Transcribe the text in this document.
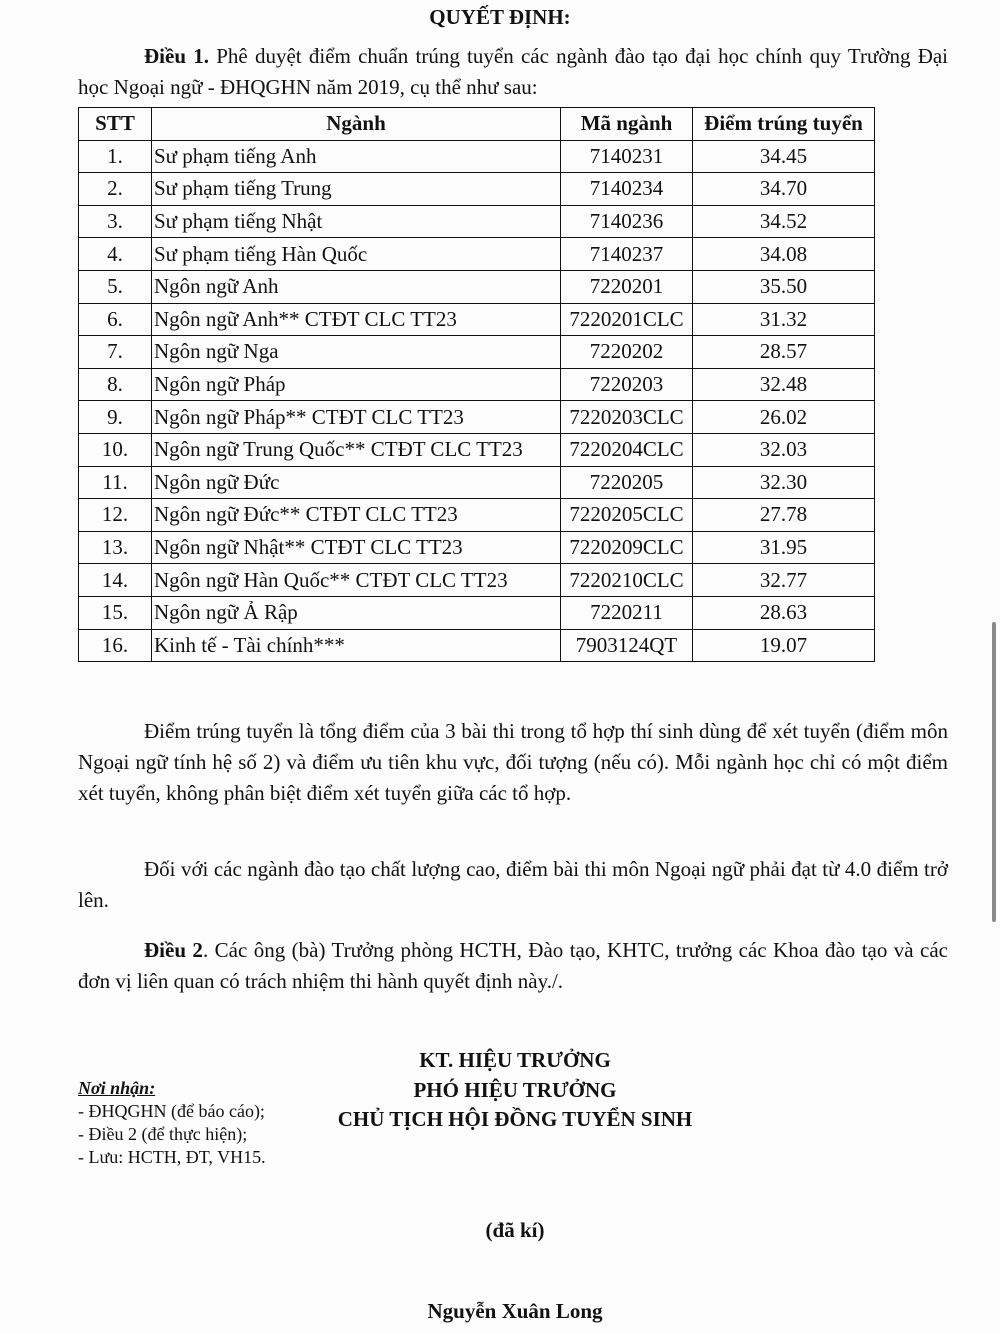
QUYẾT ĐỊNH:
Điều 1. Phê duyệt điểm chuẩn trúng tuyển các ngành đào tạo đại học chính quy Trường Đại học Ngoại ngữ - ĐHQGHN năm 2019, cụ thể như sau:
STT	Ngành	Mã ngành	Điểm trúng tuyển
1.	Sư phạm tiếng Anh	7140231	34.45
2.	Sư phạm tiếng Trung	7140234	34.70
3.	Sư phạm tiếng Nhật	7140236	34.52
4.	Sư phạm tiếng Hàn Quốc	7140237	34.08
5.	Ngôn ngữ Anh	7220201	35.50
6.	Ngôn ngữ Anh** CTĐT CLC TT23	7220201CLC	31.32
7.	Ngôn ngữ Nga	7220202	28.57
8.	Ngôn ngữ Pháp	7220203	32.48
9.	Ngôn ngữ Pháp** CTĐT CLC TT23	7220203CLC	26.02
10.	Ngôn ngữ Trung Quốc** CTĐT CLC TT23	7220204CLC	32.03
11.	Ngôn ngữ Đức	7220205	32.30
12.	Ngôn ngữ Đức** CTĐT CLC TT23	7220205CLC	27.78
13.	Ngôn ngữ Nhật** CTĐT CLC TT23	7220209CLC	31.95
14.	Ngôn ngữ Hàn Quốc** CTĐT CLC TT23	7220210CLC	32.77
15.	Ngôn ngữ Ả Rập	7220211	28.63
16.	Kinh tế - Tài chính***	7903124QT	19.07
Điểm trúng tuyển là tổng điểm của 3 bài thi trong tổ hợp thí sinh dùng để xét tuyển (điểm môn Ngoại ngữ tính hệ số 2) và điểm ưu tiên khu vực, đối tượng (nếu có). Mỗi ngành học chỉ có một điểm xét tuyển, không phân biệt điểm xét tuyển giữa các tổ hợp.
Đối với các ngành đào tạo chất lượng cao, điểm bài thi môn Ngoại ngữ phải đạt từ 4.0 điểm trở lên.
Điều 2. Các ông (bà) Trưởng phòng HCTH, Đào tạo, KHTC, trưởng các Khoa đào tạo và các đơn vị liên quan có trách nhiệm thi hành quyết định này./.
Nơi nhận:
- ĐHQGHN (để báo cáo);
- Điều 2 (để thực hiện);
- Lưu: HCTH, ĐT, VH15.
KT. HIỆU TRƯỞNG
PHÓ HIỆU TRƯỞNG
CHỦ TỊCH HỘI ĐỒNG TUYỂN SINH
(đã kí)
Nguyễn Xuân Long
